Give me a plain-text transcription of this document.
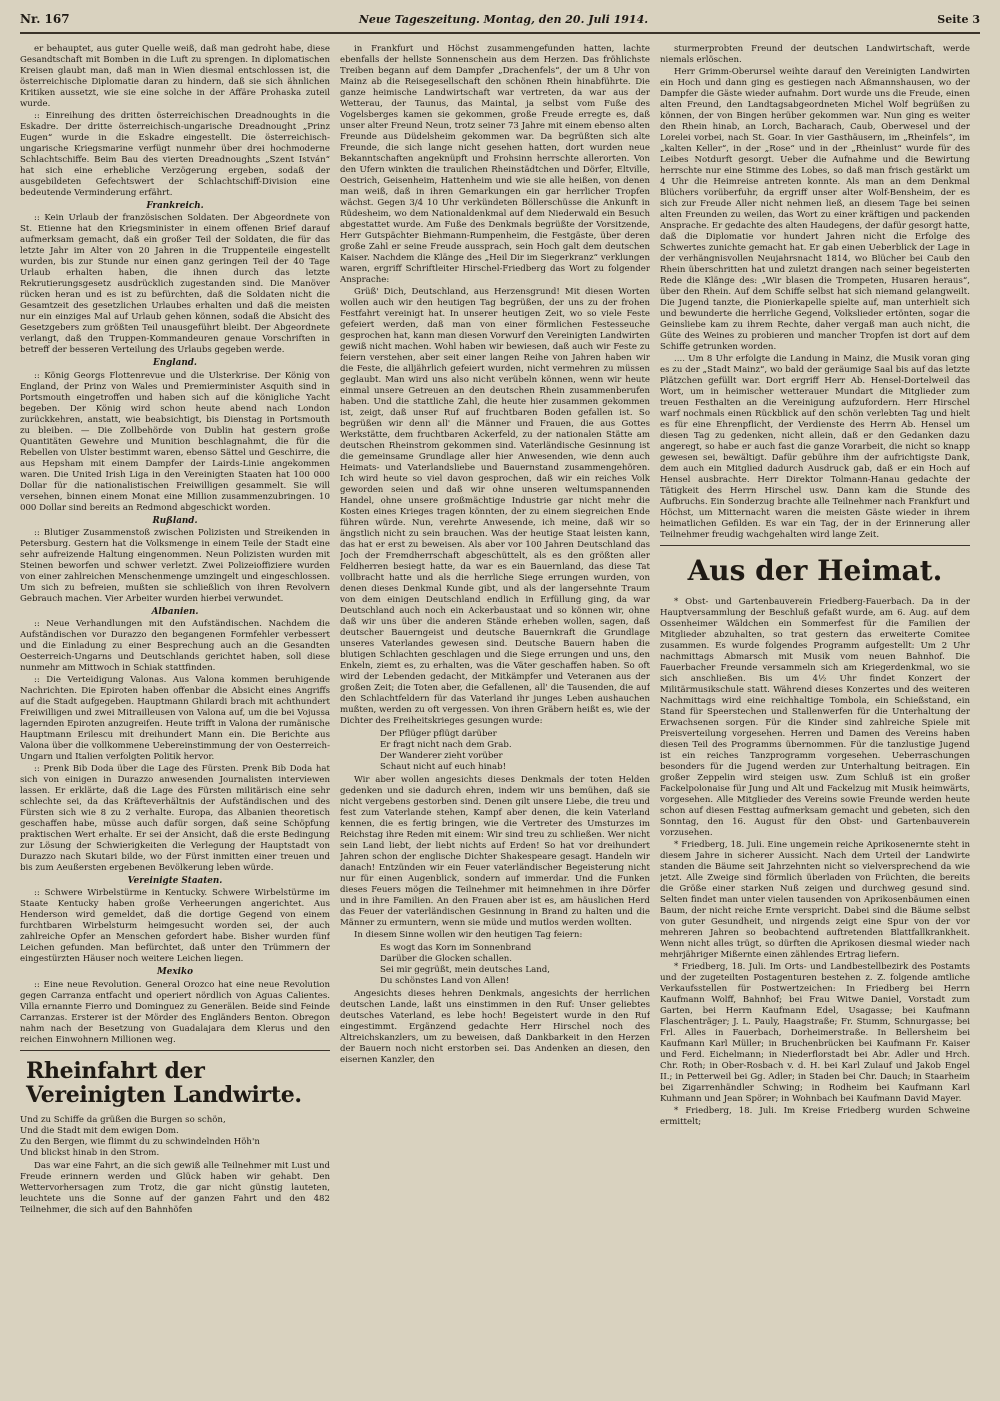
Nr. 167	Neue Tageszeitung. Montag, den 20. Juli 1914.	Seite 3

er behauptet, aus guter Quelle weiß, daß man gedroht habe, diese Gesandtschaft mit Bomben in die Luft zu sprengen. In diplomatischen Kreisen glaubt man, daß man in Wien diesmal entschlossen ist, die österreichische Diplomatie daran zu hindern, daß sie sich ähnlichen Kritiken aussetzt, wie sie eine solche in der Affäre Prohaska zuteil wurde.

:: Einreihung des dritten österreichischen Dreadnoughts in die Eskadre. Der dritte österreichisch-ungarische Dreadnought „Prinz Eugen“ wurde in die Eskadre eingestellt. Die österreichisch-ungarische Kriegsmarine verfügt nunmehr über drei hochmoderne Schlachtschiffe. Beim Bau des vierten Dreadnoughts „Szent István“ hat sich eine erhebliche Verzögerung ergeben, sodaß der ausgebildeten Gefechtswert der Schlachtschiff-Division eine bedeutende Verminderung erfährt.

Frankreich.

:: Kein Urlaub der französischen Soldaten. Der Abgeordnete von St. Etienne hat den Kriegsminister in einem offenen Brief darauf aufmerksam gemacht, daß ein großer Teil der Soldaten, die für das letzte Jahr im Alter von 20 Jahren in die Truppenteile eingestellt wurden, bis zur Stunde nur einen ganz geringen Teil der 40 Tage Urlaub erhalten haben, die ihnen durch das letzte Rekrutierungsgesetz ausdrücklich zugestanden sind. Die Manöver rücken heran und es ist zu befürchten, daß die Soldaten nicht die Gesamtzeit des gesetzlichen Urlaubes erhalten und daß die meisten nur ein einziges Mal auf Urlaub gehen können, sodaß die Absicht des Gesetzgebers zum größten Teil unausgeführt bleibt. Der Abgeordnete verlangt, daß den Truppen-Kommandeuren genaue Vorschriften in betreff der besseren Verteilung des Urlaubs gegeben werde.

England.

:: König Georgs Flottenrevue und die Ulsterkrise. Der König von England, der Prinz von Wales und Premierminister Asquith sind in Portsmouth eingetroffen und haben sich auf die königliche Yacht begeben. Der König wird schon heute abend nach London zurückkehren, anstatt, wie beabsichtigt, bis Dienstag in Portsmouth zu bleiben. — Die Zollbehörde von Dublin hat gestern große Quantitäten Gewehre und Munition beschlagnahmt, die für die Rebellen von Ulster bestimmt waren, ebenso Sättel und Geschirre, die aus Hepsham mit einem Dampfer der Lairds-Linie angekommen waren. Die United Irish Liga in den Vereinigten Staaten hat 100 000 Dollar für die nationalistischen Freiwilligen gesammelt. Sie will versehen, binnen einem Monat eine Million zusammenzubringen. 10 000 Dollar sind bereits an Redmond abgeschickt worden.

Rußland.

:: Blutiger Zusammenstoß zwischen Polizisten und Streikenden in Petersburg. Gestern hat die Volksmenge in einem Teile der Stadt eine sehr aufreizende Haltung eingenommen. Neun Polizisten wurden mit Steinen beworfen und schwer verletzt. Zwei Polizeioffiziere wurden von einer zahlreichen Menschenmenge umzingelt und eingeschlossen. Um sich zu befreien, mußten sie schließlich von ihren Revolvern Gebrauch machen. Vier Arbeiter wurden hierbei verwundet.

Albanien.

:: Neue Verhandlungen mit den Aufständischen. Nachdem die Aufständischen vor Durazzo den begangenen Formfehler verbessert und die Einladung zu einer Besprechung auch an die Gesandten Oesterreich-Ungarns und Deutschlands gerichtet haben, soll diese nunmehr am Mittwoch in Schiak stattfinden.

:: Die Verteidigung Valonas. Aus Valona kommen beruhigende Nachrichten. Die Epiroten haben offenbar die Absicht eines Angriffs auf die Stadt aufgegeben. Hauptmann Ghilardi brach mit achthundert Freiwilligen und zwei Mitrailleusen von Valona auf, um die bei Vojussa lagernden Epiroten anzugreifen. Heute trifft in Valona der rumänische Hauptmann Erilescu mit dreihundert Mann ein. Die Berichte aus Valona über die vollkommene Uebereinstimmung der von Oesterreich-Ungarn und Italien verfolgten Politik hervor.

:: Prenk Bib Doda über die Lage des Fürsten. Prenk Bib Doda hat sich von einigen in Durazzo anwesenden Journalisten interviewen lassen. Er erklärte, daß die Lage des Fürsten militärisch eine sehr schlechte sei, da das Kräfteverhältnis der Aufständischen und des Fürsten sich wie 8 zu 2 verhalte. Europa, das Albanien theoretisch geschaffen habe, müsse auch dafür sorgen, daß seine Schöpfung praktischen Wert erhalte. Er sei der Ansicht, daß die erste Bedingung zur Lösung der Schwierigkeiten die Verlegung der Hauptstadt von Durazzo nach Skutari bilde, wo der Fürst inmitten einer treuen und bis zum Aeußersten ergebenen Bevölkerung leben würde.

Vereinigte Staaten.

:: Schwere Wirbelstürme in Kentucky. Schwere Wirbelstürme im Staate Kentucky haben große Verheerungen angerichtet. Aus Henderson wird gemeldet, daß die dortige Gegend von einem furchtbaren Wirbelsturm heimgesucht worden sei, der auch zahlreiche Opfer an Menschen gefordert habe. Bisher wurden fünf Leichen gefunden. Man befürchtet, daß unter den Trümmern der eingestürzten Häuser noch weitere Leichen liegen.

Mexiko

:: Eine neue Revolution. General Orozco hat eine neue Revolution gegen Carranza entfacht und operiert nördlich von Aguas Calientes. Villa ernannte Fierro und Dominguez zu Generälen. Beide sind Feinde Carranzas. Ersterer ist der Mörder des Engländers Benton. Obregon nahm nach der Besetzung von Guadalajara dem Klerus und den reichen Einwohnern Millionen weg.

Rheinfahrt der Vereinigten Landwirte.

Und zu Schiffe da grüßen die Burgen so schön,
Und die Stadt mit dem ewigen Dom.
Zu den Bergen, wie flimmt du zu schwindelnden Höh'n
Und blickst hinab in den Strom.

Das war eine Fahrt, an die sich gewiß alle Teilnehmer mit Lust und Freude erinnern werden und Glück haben wir gehabt. Den Wettervorhersagen zum Trotz, die gar nicht günstig lauteten, leuchtete uns die Sonne auf der ganzen Fahrt und den 482 Teilnehmer, die sich auf den Bahnhöfen

in Frankfurt und Höchst zusammengefunden hatten, lachte ebenfalls der hellste Sonnenschein aus dem Herzen. Das fröhlichste Treiben begann auf dem Dampfer „Drachenfels“, der um 8 Uhr von Mainz ab die Reisegesellschaft den schönen Rhein hinabführte. Die ganze heimische Landwirtschaft war vertreten, da war aus der Wetterau, der Taunus, das Maintal, ja selbst vom Fuße des Vogelsberges kamen sie gekommen, große Freude erregte es, daß unser alter Freund Neun, trotz seiner 73 Jahre mit einem ebenso alten Freunde aus Düdelsheim gekommen war. Da begrüßten sich alte Freunde, die sich lange nicht gesehen hatten, dort wurden neue Bekanntschaften angeknüpft und Frohsinn herrschte allerorten. Von den Ufern winkten die traulichen Rheinstädtchen und Dörfer, Eltville, Oestrich, Geisenheim, Hattenheim und wie sie alle heißen, von denen man weiß, daß in ihren Gemarkungen ein gar herrlicher Tropfen wächst. Gegen 3/4 10 Uhr verkündeten Böllerschüsse die Ankunft in Rüdesheim, wo dem Nationaldenkmal auf dem Niederwald ein Besuch abgestattet wurde. Am Fuße des Denkmals begrüßte der Vorsitzende, Herr Gutspächter Biehmann-Rumpenheim, die Festgäste, über deren große Zahl er seine Freude aussprach, sein Hoch galt dem deutschen Kaiser. Nachdem die Klänge des „Heil Dir im Siegerkranz“ verklungen waren, ergriff Schriftleiter Hirschel-Friedberg das Wort zu folgender Ansprache:

Grüß' Dich, Deutschland, aus Herzensgrund! Mit diesen Worten wollen auch wir den heutigen Tag begrüßen, der uns zu der frohen Festfahrt vereinigt hat. In unserer heutigen Zeit, wo so viele Feste gefeiert werden, daß man von einer förmlichen Festesseuche gesprochen hat, kann man diesen Vorwurf den Vereinigten Landwirten gewiß nicht machen. Wohl haben wir bewiesen, daß auch wir Feste zu feiern verstehen, aber seit einer langen Reihe von Jahren haben wir die Feste, die alljährlich gefeiert wurden, nicht vermehren zu müssen geglaubt. Man wird uns also nicht verübeln können, wenn wir heute einmal unsere Getreuen an den deutschen Rhein zusammenberufen haben. Und die stattliche Zahl, die heute hier zusammen gekommen ist, zeigt, daß unser Ruf auf fruchtbaren Boden gefallen ist. So begrüßen wir denn all' die Männer und Frauen, die aus Gottes Werkstätte, dem fruchtbaren Ackerfeld, zu der nationalen Stätte am deutschen Rheinstrom gekommen sind. Vaterländische Gesinnung ist die gemeinsame Grundlage aller hier Anwesenden, wie denn auch Heimats- und Vaterlandsliebe und Bauernstand zusammengehören. Ich wird heute so viel davon gesprochen, daß wir ein reiches Volk geworden seien und daß wir ohne unseren weltumspannenden Handel, ohne unsere großmächtige Industrie gar nicht mehr die Kosten eines Krieges tragen könnten, der zu einem siegreichen Ende führen würde. Nun, verehrte Anwesende, ich meine, daß wir so ängstlich nicht zu sein brauchen. Was der heutige Staat leisten kann, das hat er erst zu beweisen. Als aber vor 100 Jahren Deutschland das Joch der Fremdherrschaft abgeschüttelt, als es den größten aller Feldherren besiegt hatte, da war es ein Bauernland, das diese Tat vollbracht hatte und als die herrliche Siege errungen wurden, von denen dieses Denkmal Kunde gibt, und als der langersehnte Traum von dem einigen Deutschland endlich in Erfüllung ging, da war Deutschland auch noch ein Ackerbaustaat und so können wir, ohne daß wir uns über die anderen Stände erheben wollen, sagen, daß deutscher Bauerngeist und deutsche Bauernkraft die Grundlage unseres Vaterlandes gewesen sind. Deutsche Bauern haben die blutigen Schlachten geschlagen und die Siege errungen und uns, den Enkeln, ziemt es, zu erhalten, was die Väter geschaffen haben. So oft wird der Lebenden gedacht, der Mitkämpfer und Veteranen aus der großen Zeit; die Toten aber, die Gefallenen, all' die Tausenden, die auf den Schlachtfeldern für das Vaterland ihr junges Leben aushauchen mußten, werden zu oft vergessen. Von ihren Gräbern heißt es, wie der Dichter des Freiheitskrieges gesungen wurde:

Der Pflüger pflügt darüber
Er fragt nicht nach dem Grab.
Der Wanderer zieht vorüber
Schaut nicht auf euch hinab!

Wir aber wollen angesichts dieses Denkmals der toten Helden gedenken und sie dadurch ehren, indem wir uns bemühen, daß sie nicht vergebens gestorben sind. Denen gilt unsere Liebe, die treu und fest zum Vaterlande stehen, Kampf aber denen, die kein Vaterland kennen, die es fertig bringen, wie die Vertreter des Umsturzes im Reichstag ihre Reden mit einem: Wir sind treu zu schließen. Wer nicht sein Land liebt, der liebt nichts auf Erden! So hat vor dreihundert Jahren schon der englische Dichter Shakespeare gesagt. Handeln wir danach! Entzünden wir ein Feuer vaterländischer Begeisterung nicht nur für einen Augenblick, sondern auf immerdar. Und die Funken dieses Feuers mögen die Teilnehmer mit heimnehmen in ihre Dörfer und in ihre Familien. An den Frauen aber ist es, am häuslichen Herd das Feuer der vaterländischen Gesinnung in Brand zu halten und die Männer zu ermuntern, wenn sie müde und mutlos werden wollten.

In diesem Sinne wollen wir den heutigen Tag feiern:

Es wogt das Korn im Sonnenbrand
Darüber die Glocken schallen.
Sei mir gegrüßt, mein deutsches Land,
Du schönstes Land von Allen!

Angesichts dieses hehren Denkmals, angesichts der herrlichen deutschen Lande, laßt uns einstimmen in den Ruf: Unser geliebtes deutsches Vaterland, es lebe hoch! Begeistert wurde in den Ruf eingestimmt. Ergänzend gedachte Herr Hirschel noch des Altreichskanzlers, um zu beweisen, daß Dankbarkeit in den Herzen der Bauern noch nicht erstorben sei. Das Andenken an diesen, den eisernen Kanzler, den

sturmerprobten Freund der deutschen Landwirtschaft, werde niemals erlöschen.

Herr Grimm-Oberursel weihte darauf den Vereinigten Landwirten ein Hoch und dann ging es gestiegen nach Aßmannshausen, wo der Dampfer die Gäste wieder aufnahm. Dort wurde uns die Freude, einen alten Freund, den Landtagsabgeordneten Michel Wolf begrüßen zu können, der von Bingen herüber gekommen war. Nun ging es weiter den Rhein hinab, an Lorch, Bacharach, Caub, Oberwesel und der Lorelei vorbei, nach St. Goar. In vier Gasthäusern, im „Rheinfels“, im „kalten Keller“, in der „Rose“ und in der „Rheinlust“ wurde für des Leibes Notdurft gesorgt. Ueber die Aufnahme und die Bewirtung herrschte nur eine Stimme des Lobes, so daß man frisch gestärkt um 4 Uhr die Heimreise antreten konnte. Als man an dem Denkmal Blüchers vorüberfuhr, da ergriff unser alter Wolf-Bensheim, der es sich zur Freude Aller nicht nehmen ließ, an diesem Tage bei seinen alten Freunden zu weilen, das Wort zu einer kräftigen und packenden Ansprache. Er gedachte des alten Haudegens, der dafür gesorgt hatte, daß die Diplomatie vor hundert Jahren nicht die Erfolge des Schwertes zunichte gemacht hat. Er gab einen Ueberblick der Lage in der verhängnisvollen Neujahrsnacht 1814, wo Blücher bei Caub den Rhein überschritten hat und zuletzt drangen nach seiner begeisterten Rede die Klänge des: „Wir blasen die Trompeten, Husaren heraus“, über den Rhein. Auf dem Schiffe selbst hat sich niemand gelangweilt. Die Jugend tanzte, die Pionierkapelle spielte auf, man unterhielt sich und bewunderte die herrliche Gegend, Volkslieder ertönten, sogar die Geinsliebe kam zu ihrem Rechte, daher vergaß man auch nicht, die Güte des Weines zu probieren und mancher Tropfen ist dort auf dem Schiffe getrunken worden.

.... Um 8 Uhr erfolgte die Landung in Mainz, die Musik voran ging es zu der „Stadt Mainz“, wo bald der geräumige Saal bis auf das letzte Plätzchen gefüllt war. Dort ergriff Herr Ab. Hensel-Dortelweil das Wort, um in heimischer wetterauer Mundart die Mitglieder zum treuen Festhalten an die Vereinigung aufzufordern. Herr Hirschel warf nochmals einen Rückblick auf den schön verlebten Tag und hielt es für eine Ehrenpflicht, der Verdienste des Herrn Ab. Hensel um diesen Tag zu gedenken, nicht allein, daß er den Gedanken dazu angeregt, so habe er auch fast die ganze Vorarbeit, die nicht so knapp gewesen sei, bewältigt. Dafür gebühre ihm der aufrichtigste Dank, dem auch ein Mitglied dadurch Ausdruck gab, daß er ein Hoch auf Hensel ausbrachte. Herr Direktor Tolmann-Hanau gedachte der Tätigkeit des Herrn Hirschel usw. Dann kam die Stunde des Aufbruchs. Ein Sonderzug brachte alle Teilnehmer nach Frankfurt und Höchst, um Mitternacht waren die meisten Gäste wieder in ihrem heimatlichen Gefilden. Es war ein Tag, der in der Erinnerung aller Teilnehmer freudig wachgehalten wird lange Zeit.

Aus der Heimat.

* Obst- und Gartenbauverein Friedberg-Fauerbach. Da in der Hauptversammlung der Beschluß gefaßt wurde, am 6. Aug. auf dem Ossenheimer Wäldchen ein Sommerfest für die Familien der Mitglieder abzuhalten, so trat gestern das erweiterte Comitee zusammen. Es wurde folgendes Programm aufgestellt: Um 2 Uhr nachmittags Abmarsch mit Musik vom neuen Bahnhof. Die Fauerbacher Freunde versammeln sich am Kriegerdenkmal, wo sie sich anschließen. Bis um 4½ Uhr findet Konzert der Militärmusikschule statt. Während dieses Konzertes und des weiteren Nachmittags wird eine reichhaltige Tombola, ein Schießstand, ein Stand für Speerstechen und Stallenwerfen für die Unterhaltung der Erwachsenen sorgen. Für die Kinder sind zahlreiche Spiele mit Preisverteilung vorgesehen. Herren und Damen des Vereins haben diesen Teil des Programms übernommen. Für die tanzlustige Jugend ist ein reiches Tanzprogramm vorgesehen. Ueberraschungen besonders für die Jugend werden zur Unterhaltung beitragen. Ein großer Zeppelin wird steigen usw. Zum Schluß ist ein großer Fackelpolonaise für Jung und Alt und Fackelzug mit Musik heimwärts, vorgesehen. Alle Mitglieder des Vereins sowie Freunde werden heute schon auf diesen Festtag aufmerksam gemacht und gebeten, sich den Sonntag, den 16. August für den Obst- und Gartenbauverein vorzusehen.

* Friedberg, 18. Juli. Eine ungemein reiche Aprikosenernte steht in diesem Jahre in sicherer Aussicht. Nach dem Urteil der Landwirte standen die Bäume seit Jahrzehnten nicht so vielversprechend da wie jetzt. Alle Zweige sind förmlich überladen von Früchten, die bereits die Größe einer starken Nuß zeigen und durchweg gesund sind. Selten findet man unter vielen tausenden von Aprikosenbäumen einen Baum, der nicht reiche Ernte verspricht. Dabei sind die Bäume selbst von guter Gesundheit, und nirgends zeigt eine Spur von der vor mehreren Jahren so beobachtend auftretenden Blattfallkrankheit. Wenn nicht alles trügt, so dürften die Aprikosen diesmal wieder nach mehrjähriger Mißernte einen zählendes Ertrag liefern.

* Friedberg, 18. Juli. Im Orts- und Landbestellbezirk des Postamts und der zugeteilten Postagenturen bestehen z. Z. folgende amtliche Verkaufsstellen für Postwertzeichen: In Friedberg bei Herrn Kaufmann Wolff, Bahnhof; bei Frau Witwe Daniel, Vorstadt zum Garten, bei Herrn Kaufmann Edel, Usagasse; bei Kaufmann Flaschenträger; J. L. Pauly, Haagstraße; Fr. Stumm, Schnurgasse; bei Frl. Alles in Fauerbach, Dorheimerstraße. In Bellersheim bei Kaufmann Karl Müller; in Bruchenbrücken bei Kaufmann Fr. Kaiser und Ferd. Eichelmann; in Niederflorstadt bei Abr. Adler und Hrch. Chr. Roth; in Ober-Rosbach v. d. H. bei Karl Zulauf und Jakob Engel II.; in Petterweil bei Gg. Adler; in Staden bei Chr. Dauch; in Staarheim bei Zigarrenhändler Schwing; in Rodheim bei Kaufmann Karl Kuhmann und Jean Spörer; in Wohnbach bei Kaufmann David Mayer.

* Friedberg, 18. Juli. Im Kreise Friedberg wurden Schweine ermittelt;
